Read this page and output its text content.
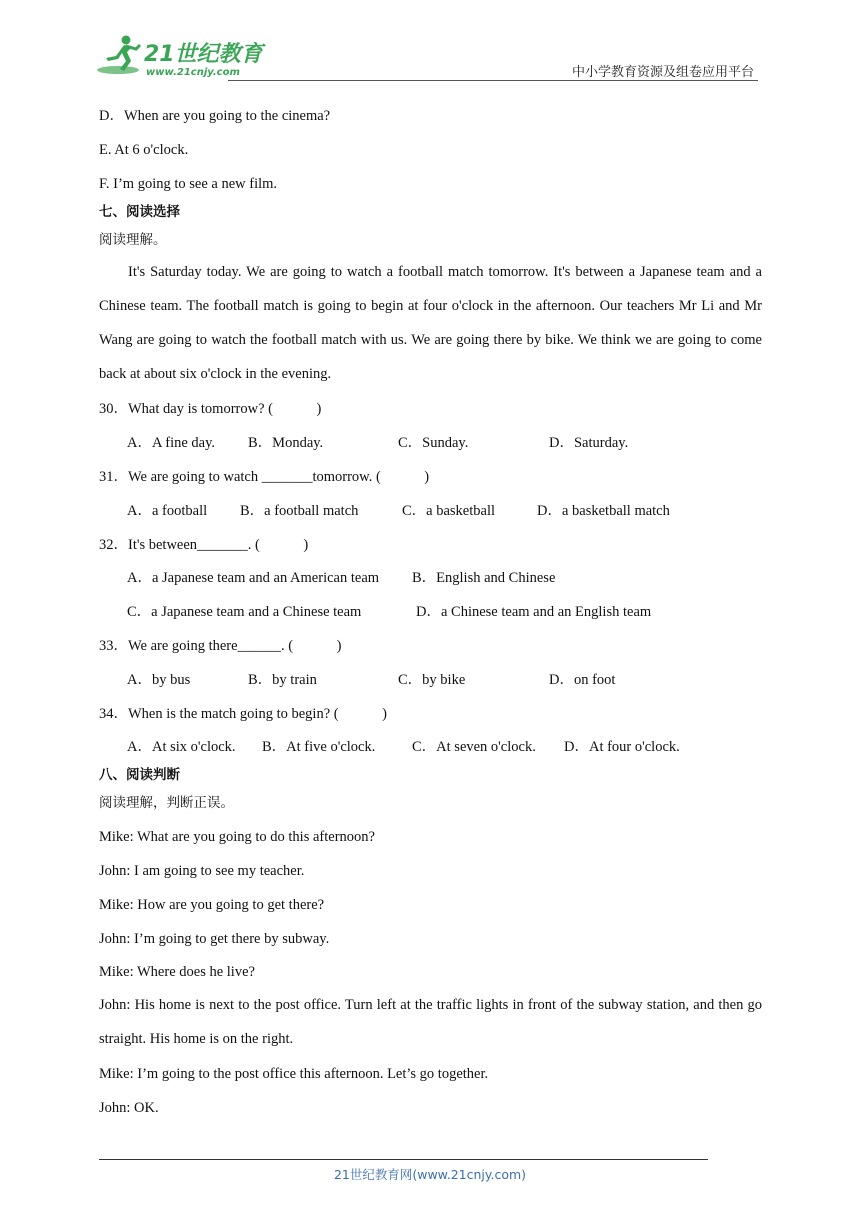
21世纪教育
www.21cnjy.com	中小学教育资源及组卷应用平台
D．When are you going to the cinema?
E. At 6 o'clock.
F. I’m going to see a new film.
七、阅读选择
阅读理解。
It's Saturday today. We are going to watch a football match tomorrow. It's between a Japanese team and a Chinese team. The football match is going to begin at four o'clock in the afternoon. Our teachers Mr Li and Mr Wang are going to watch the football match with us. We are going there by bike. We think we are going to come back at about six o'clock in the evening.
30．What day is tomorrow? (　　　)
A．A fine day. B．Monday.	C．Sunday.	D．Saturday.
31．We are going to watch _______tomorrow. (　　　)
A．a football B．a football match	C．a basketball	D．a basketball match
32．It's between_______. (　　　)
A．a Japanese team and an American team B．English and Chinese
C．a Japanese team and a Chinese team	D．a Chinese team and an English team
33．We are going there______. (　　　)
A．by bus	B．by train	C．by bike	D．on foot
34．When is the match going to begin? (　　　)
A．At six o'clock. B．At five o'clock.	C．At seven o'clock. D．At four o'clock.
八、阅读判断
阅读理解，判断正误。
Mike: What are you going to do this afternoon?
John: I am going to see my teacher.
Mike: How are you going to get there?
John: I’m going to get there by subway.
Mike: Where does he live?
John: His home is next to the post office. Turn left at the traffic lights in front of the subway station, and then go straight. His home is on the right.
Mike: I’m going to the post office this afternoon. Let’s go together.
John: OK.
21世纪教育网(www.21cnjy.com)
